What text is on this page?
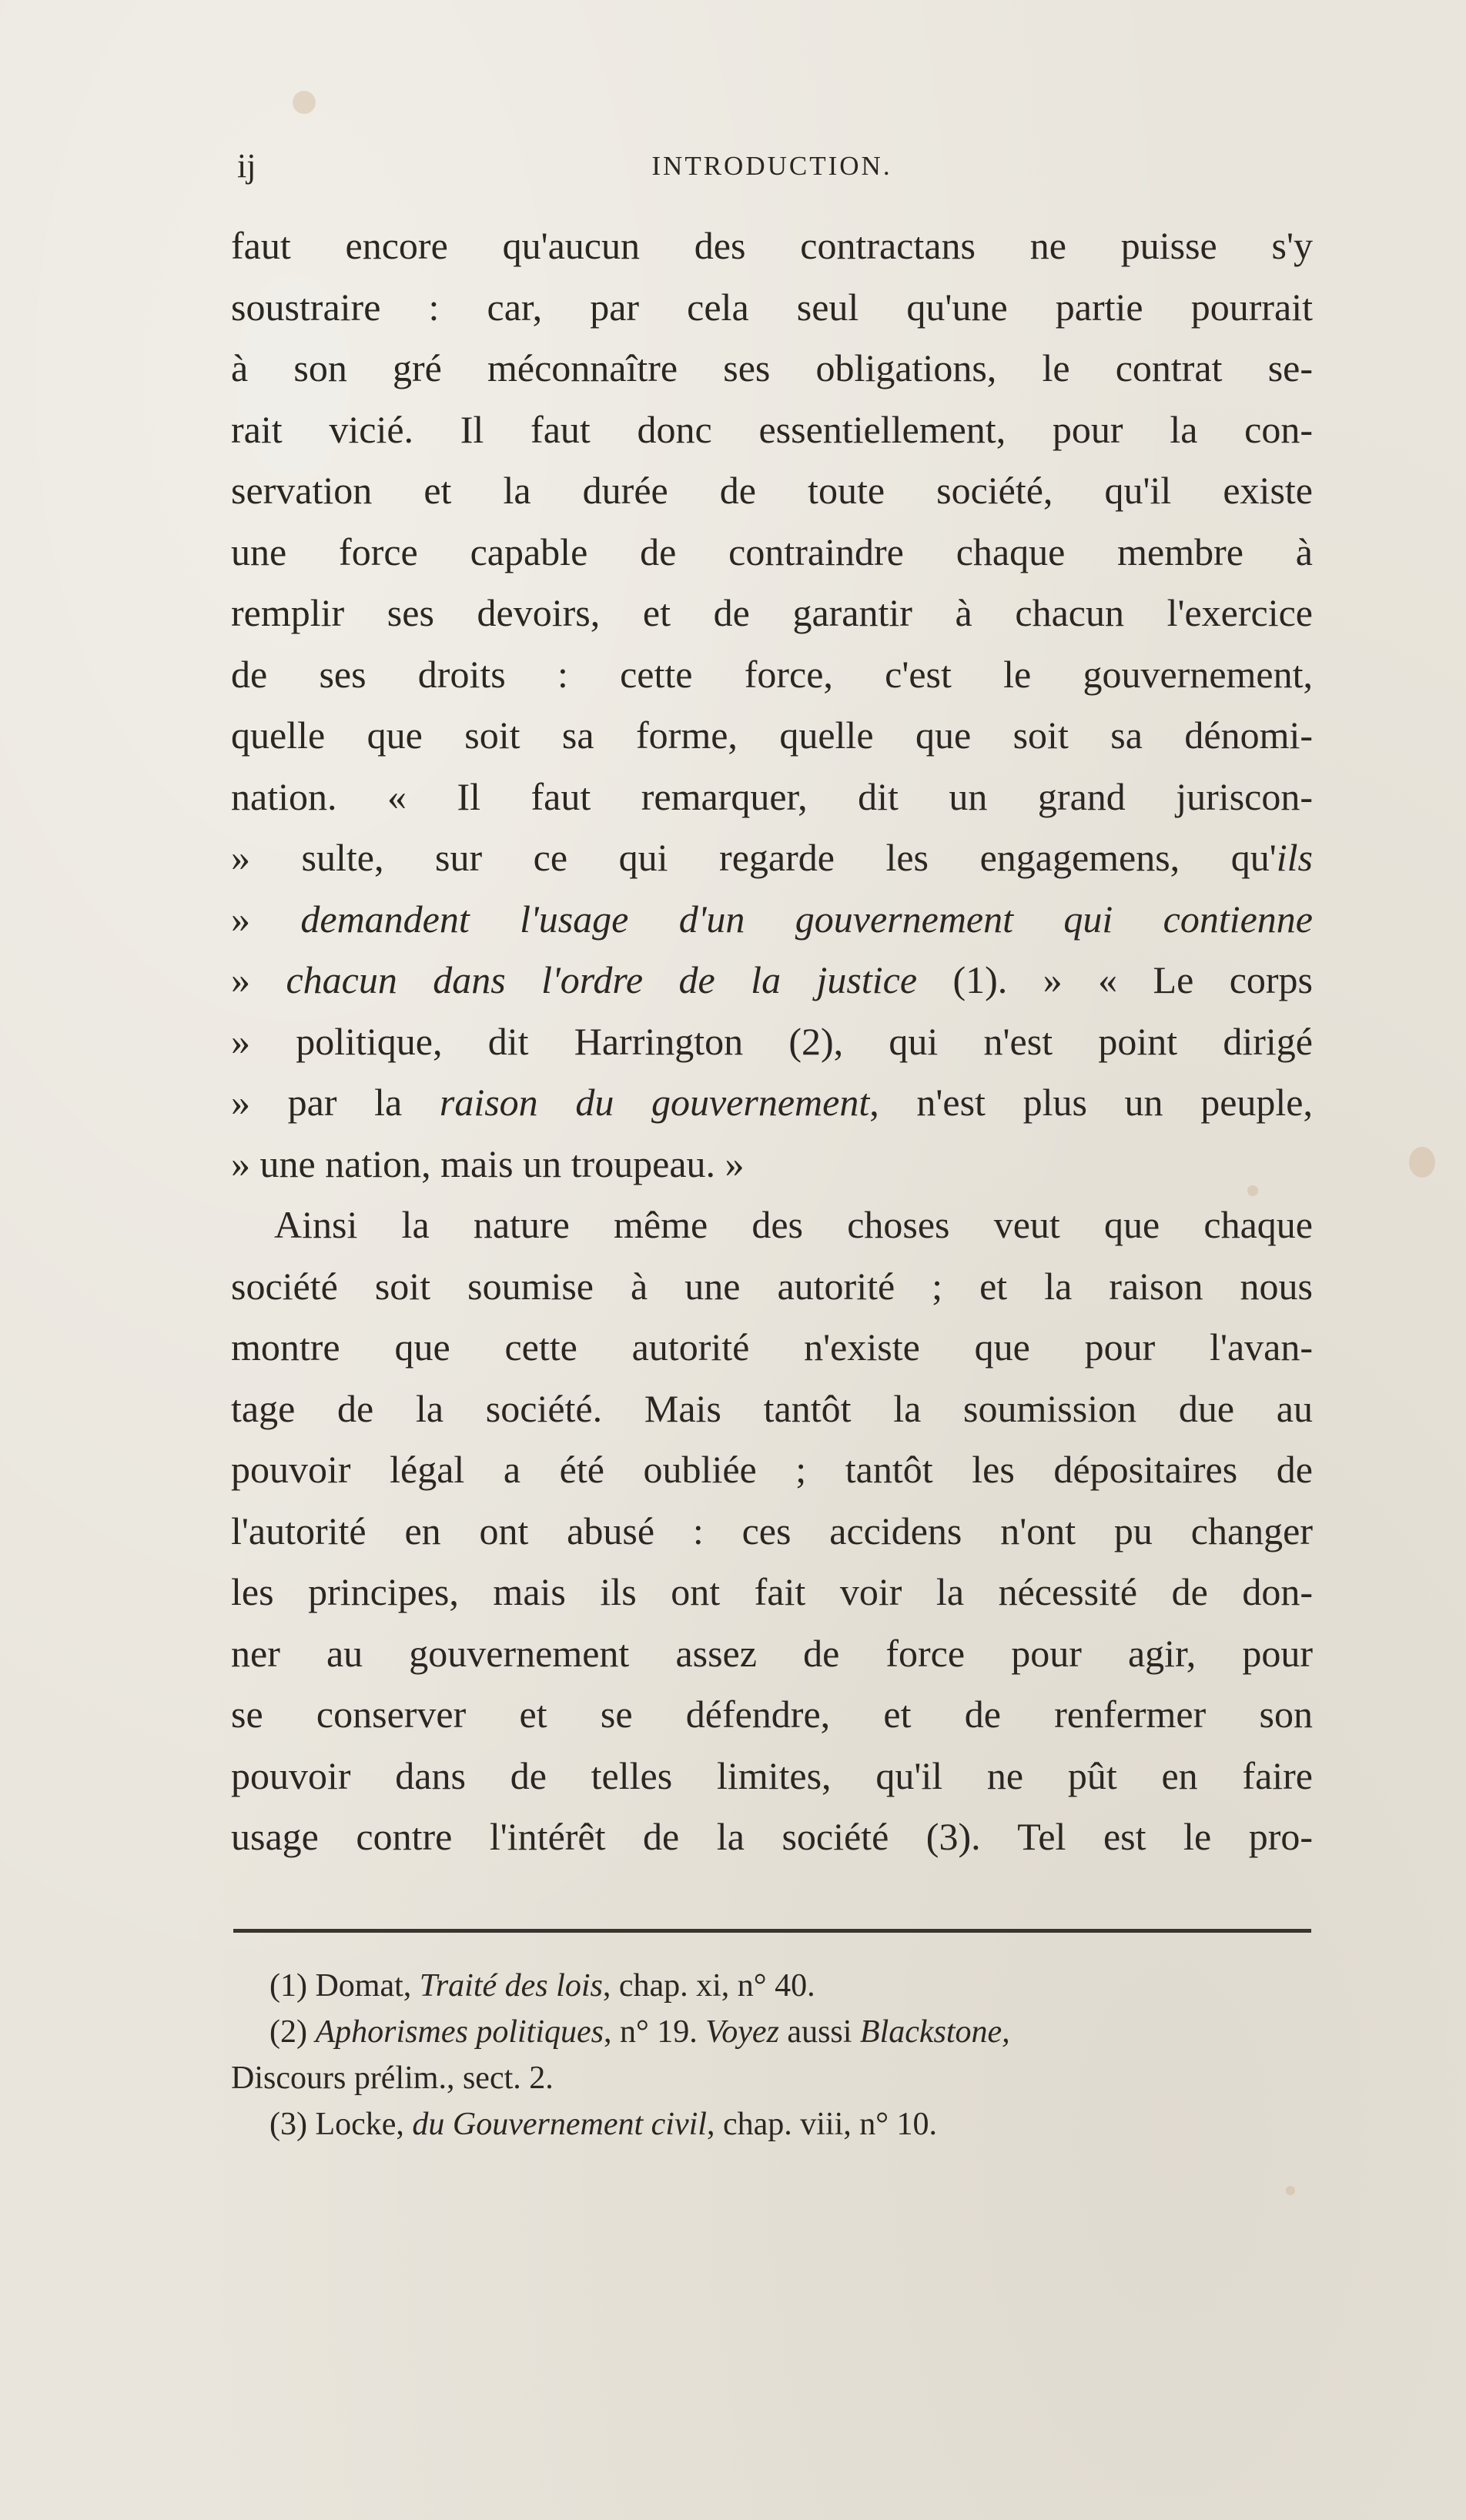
ij	INTRODUCTION.
faut encore qu'aucun des contractans ne puisse s'y
soustraire : car, par cela seul qu'une partie pourrait
à son gré méconnaître ses obligations, le contrat se-
rait vicié. Il faut donc essentiellement, pour la con-
servation et la durée de toute société, qu'il existe
une force capable de contraindre chaque membre à
remplir ses devoirs, et de garantir à chacun l'exercice
de ses droits : cette force, c'est le gouvernement,
quelle que soit sa forme, quelle que soit sa dénomi-
nation. « Il faut remarquer, dit un grand juriscon-
» sulte, sur ce qui regarde les engagemens, qu'ils
» demandent l'usage d'un gouvernement qui contienne
» chacun dans l'ordre de la justice (1). » « Le corps
» politique, dit Harrington (2), qui n'est point dirigé
» par la raison du gouvernement, n'est plus un peuple,
» une nation, mais un troupeau. »
Ainsi la nature même des choses veut que chaque
société soit soumise à une autorité ; et la raison nous
montre que cette autorité n'existe que pour l'avan-
tage de la société. Mais tantôt la soumission due au
pouvoir légal a été oubliée ; tantôt les dépositaires de
l'autorité en ont abusé : ces accidens n'ont pu changer
les principes, mais ils ont fait voir la nécessité de don-
ner au gouvernement assez de force pour agir, pour
se conserver et se défendre, et de renfermer son
pouvoir dans de telles limites, qu'il ne pût en faire
usage contre l'intérêt de la société (3). Tel est le pro-
(1) Domat, Traité des lois, chap. xi, n° 40.
(2) Aphorismes politiques, n° 19. Voyez aussi Blackstone,
Discours prélim., sect. 2.
(3) Locke, du Gouvernement civil, chap. viii, n° 10.
